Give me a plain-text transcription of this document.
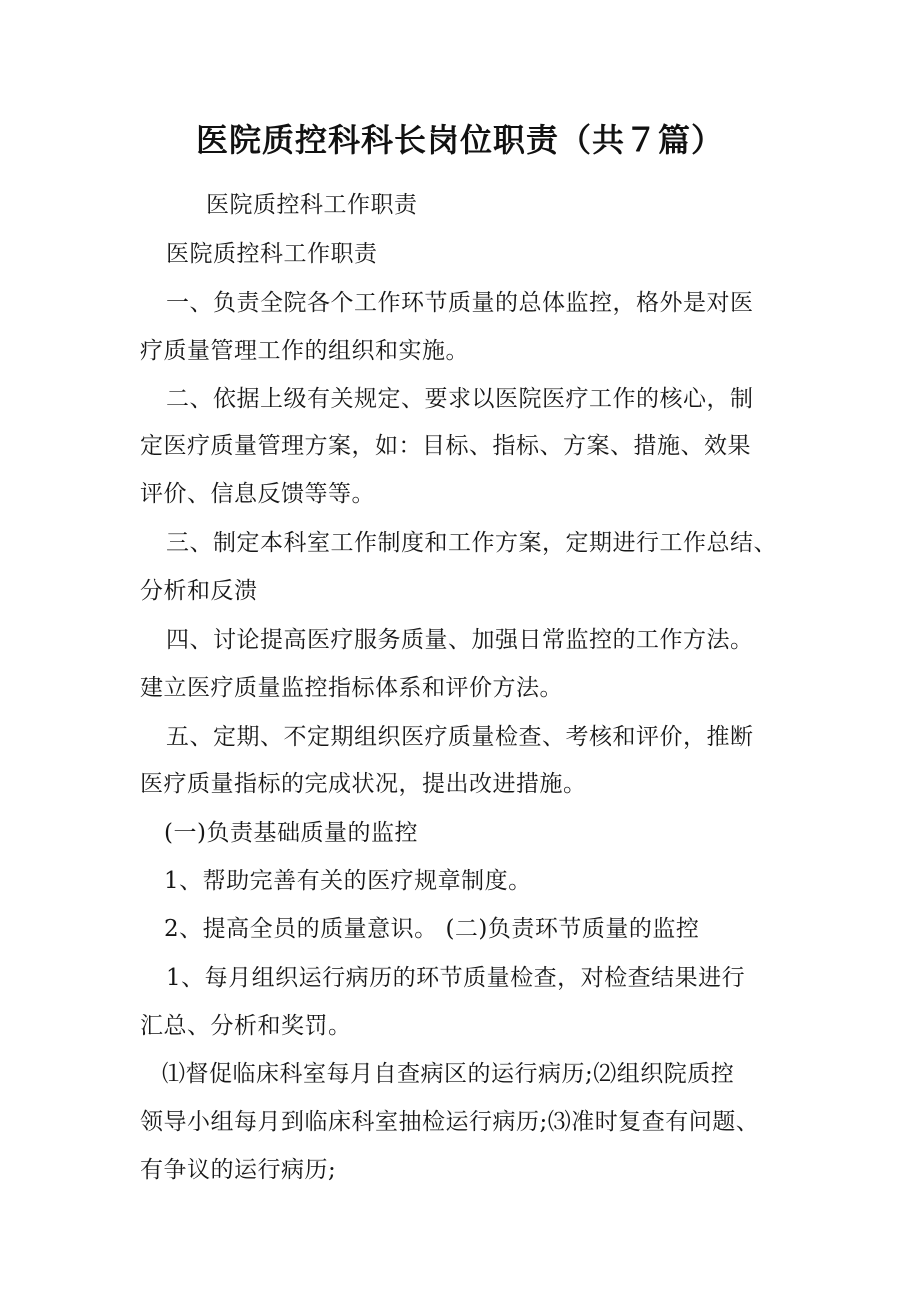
医院质控科科长岗位职责（共７篇）
医院质控科工作职责
医院质控科工作职责
一、负责全院各个工作环节质量的总体监控，格外是对医
疗质量管理工作的组织和实施。
二、依据上级有关规定、要求以医院医疗工作的核心，制
定医疗质量管理方案，如：目标、指标、方案、措施、效果
评价、信息反馈等等。
三、制定本科室工作制度和工作方案，定期进行工作总结、
分析和反溃
四、讨论提高医疗服务质量、加强日常监控的工作方法。
建立医疗质量监控指标体系和评价方法。
五、定期、不定期组织医疗质量检查、考核和评价，推断
医疗质量指标的完成状况，提出改进措施。
(一)负责基础质量的监控
1、帮助完善有关的医疗规章制度。
2、提高全员的质量意识。 (二)负责环节质量的监控
1、每月组织运行病历的环节质量检查，对检查结果进行
汇总、分析和奖罚。
⑴督促临床科室每月自查病区的运行病历;⑵组织院质控
领导小组每月到临床科室抽检运行病历;⑶准时复查有问题、
有争议的运行病历;
